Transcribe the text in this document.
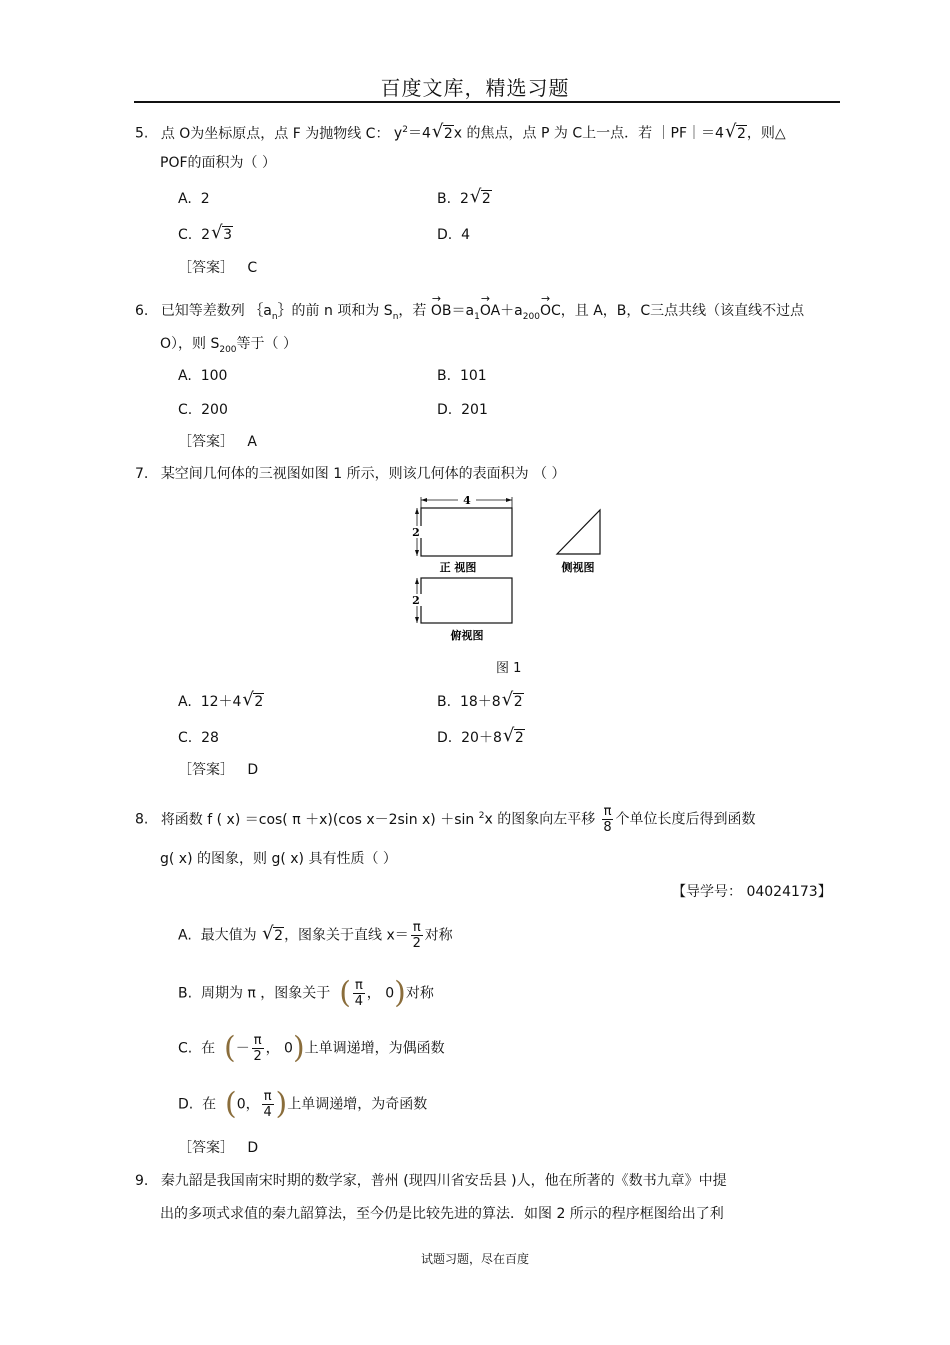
百度文库，精选习题
5. 点 O为坐标原点，点 F 为抛物线 C： $y^2=4√$ 2x 的焦点，点 P 为 C上一点．若 ｜PF｜＝4√ 2，则△
POF的面积为（ ）
A. 2	B. 2√ 2
C. 2√ 3	D. 4
［答案］ C
6. 已知等差数列 $\{a_n\}$的前 n 项和为 $S_n$，若 → $OB=a_1\to OA+a_{200}\to$ OC，且 A，B，C三点共线（该直线不过点
O），则 $S_{200}$等于（ ）
A. 100	B. 101
C. 200	D. 201
［答案］ A
7. 某空间几何体的三视图如图 1 所示，则该几何体的表面积为 （ ）
4
2
正 视图	侧视图
2
俯视图
图 1
A. 12＋4√ 2	B. 18＋8√ 2
C. 28	D. 20＋8√ 2
［答案］ D
8. 将函数 f ( x) ＝cos( π ＋x)(cos x－2sin x) ＋sin $^2$x 的图象向左平移 $\frac{\pi}{8}$ 个单位长度后得到函数
g( x) 的图象，则 g( x) 具有性质（ ）
【导学号： 04024173】
A. 最大值为 √ 2，图象关于直线 $x= \frac{\pi}{2}$ 对称
B. 周期为 π ，图象关于 ( $\frac{\pi}{4}$ ， 0)对称
C. 在 (－ $\frac{\pi}{2}$ ， 0)上单调递增，为偶函数
D. 在 (0， $\frac{\pi}{4}$ )上单调递增，为奇函数
［答案］ D
9. 秦九韶是我国南宋时期的数学家，普州 (现四川省安岳县 )人，他在所著的《数书九章》中提
出的多项式求值的秦九韶算法，至今仍是比较先进的算法．如图 2 所示的程序框图给出了利
试题习题，尽在百度
